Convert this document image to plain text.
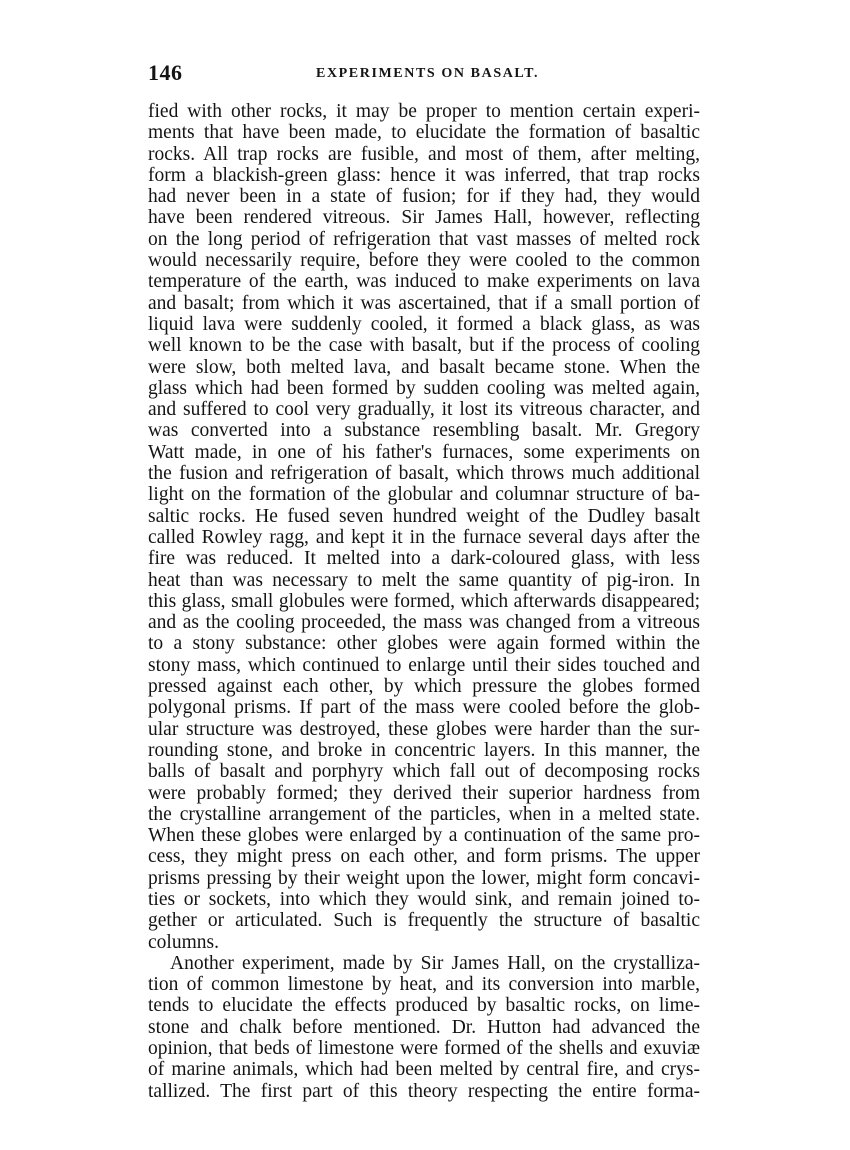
146	EXPERIMENTS ON BASALT.
fied with other rocks, it may be proper to mention certain experi-
ments that have been made, to elucidate the formation of basaltic
rocks. All trap rocks are fusible, and most of them, after melting,
form a blackish-green glass: hence it was inferred, that trap rocks
had never been in a state of fusion; for if they had, they would
have been rendered vitreous. Sir James Hall, however, reflecting
on the long period of refrigeration that vast masses of melted rock
would necessarily require, before they were cooled to the common
temperature of the earth, was induced to make experiments on lava
and basalt; from which it was ascertained, that if a small portion of
liquid lava were suddenly cooled, it formed a black glass, as was
well known to be the case with basalt, but if the process of cooling
were slow, both melted lava, and basalt became stone. When the
glass which had been formed by sudden cooling was melted again,
and suffered to cool very gradually, it lost its vitreous character, and
was converted into a substance resembling basalt. Mr. Gregory
Watt made, in one of his father's furnaces, some experiments on
the fusion and refrigeration of basalt, which throws much additional
light on the formation of the globular and columnar structure of ba-
saltic rocks. He fused seven hundred weight of the Dudley basalt
called Rowley ragg, and kept it in the furnace several days after the
fire was reduced. It melted into a dark-coloured glass, with less
heat than was necessary to melt the same quantity of pig-iron. In
this glass, small globules were formed, which afterwards disappeared;
and as the cooling proceeded, the mass was changed from a vitreous
to a stony substance: other globes were again formed within the
stony mass, which continued to enlarge until their sides touched and
pressed against each other, by which pressure the globes formed
polygonal prisms. If part of the mass were cooled before the glob-
ular structure was destroyed, these globes were harder than the sur-
rounding stone, and broke in concentric layers. In this manner, the
balls of basalt and porphyry which fall out of decomposing rocks
were probably formed; they derived their superior hardness from
the crystalline arrangement of the particles, when in a melted state.
When these globes were enlarged by a continuation of the same pro-
cess, they might press on each other, and form prisms. The upper
prisms pressing by their weight upon the lower, might form concavi-
ties or sockets, into which they would sink, and remain joined to-
gether or articulated. Such is frequently the structure of basaltic
columns.
Another experiment, made by Sir James Hall, on the crystalliza-
tion of common limestone by heat, and its conversion into marble,
tends to elucidate the effects produced by basaltic rocks, on lime-
stone and chalk before mentioned. Dr. Hutton had advanced the
opinion, that beds of limestone were formed of the shells and exuviæ
of marine animals, which had been melted by central fire, and crys-
tallized. The first part of this theory respecting the entire forma-
